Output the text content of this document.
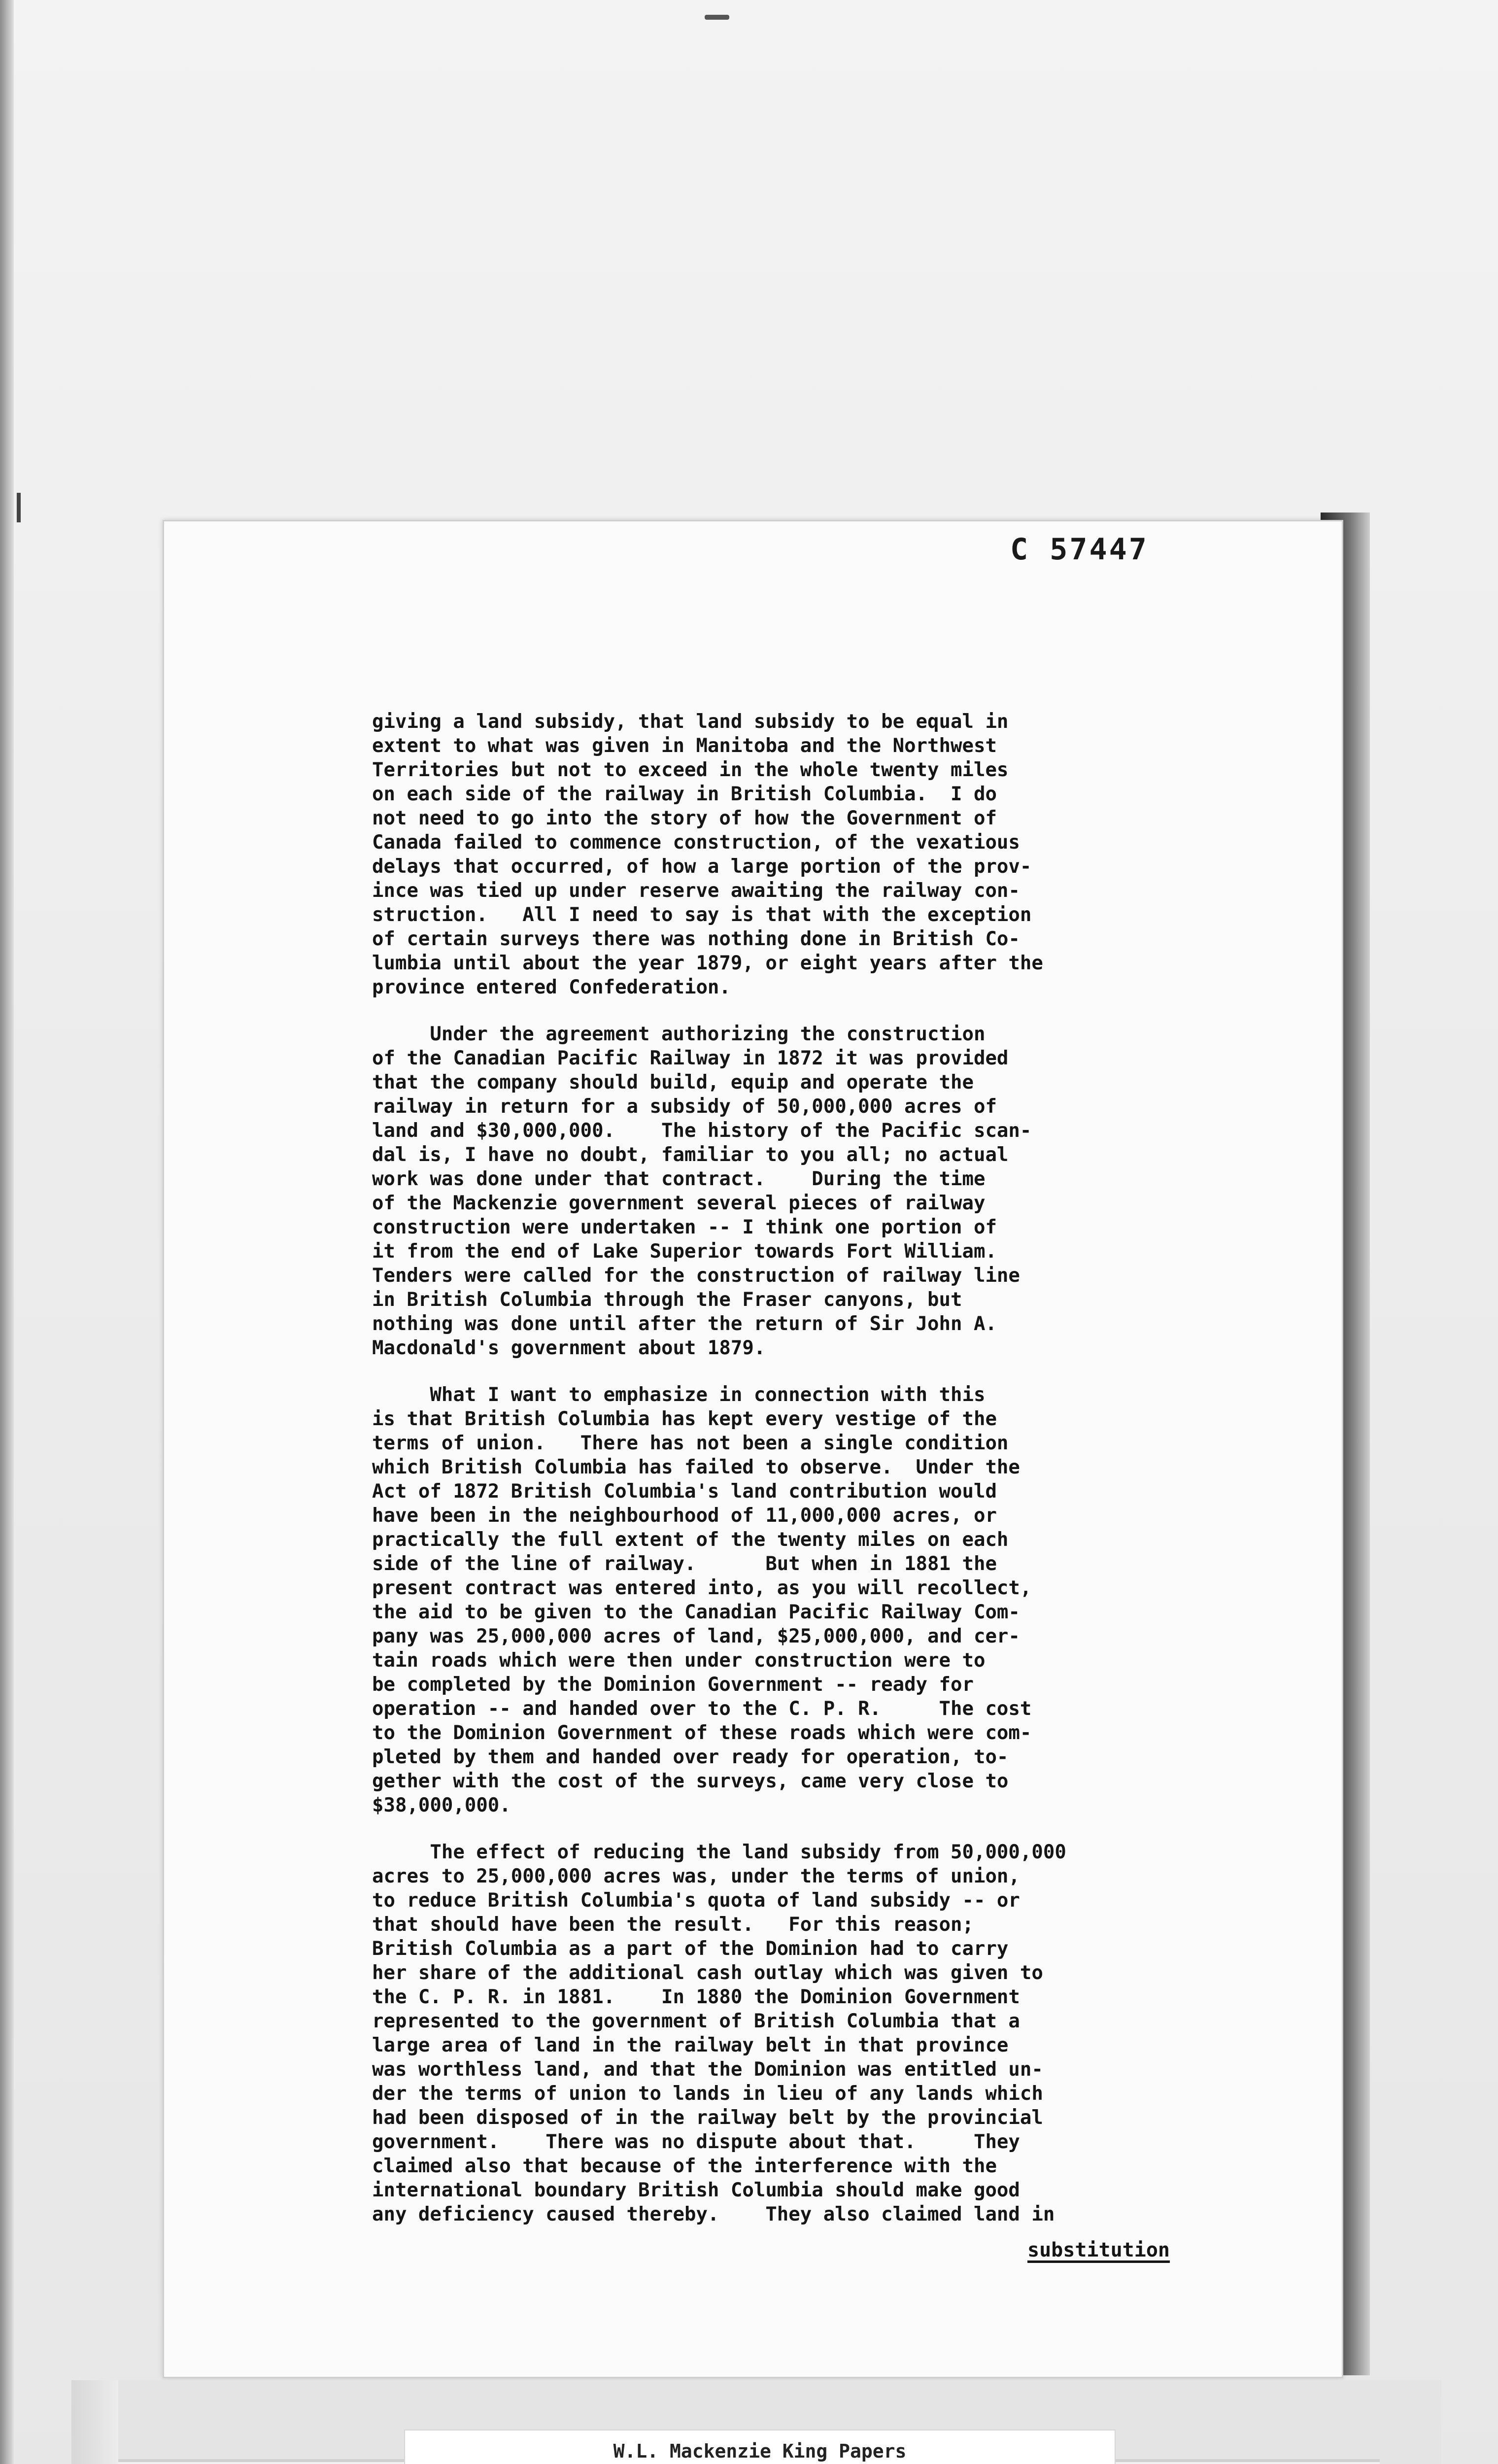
C 57447
giving a land subsidy, that land subsidy to be equal in
extent to what was given in Manitoba and the Northwest
Territories but not to exceed in the whole twenty miles
on each side of the railway in British Columbia.  I do
not need to go into the story of how the Government of
Canada failed to commence construction, of the vexatious
delays that occurred, of how a large portion of the prov-
ince was tied up under reserve awaiting the railway con-
struction.   All I need to say is that with the exception
of certain surveys there was nothing done in British Co-
lumbia until about the year 1879, or eight years after the
province entered Confederation.
Under the agreement authorizing the construction
of the Canadian Pacific Railway in 1872 it was provided
that the company should build, equip and operate the
railway in return for a subsidy of 50,000,000 acres of
land and $30,000,000.    The history of the Pacific scan-
dal is, I have no doubt, familiar to you all; no actual
work was done under that contract.    During the time
of the Mackenzie government several pieces of railway
construction were undertaken -- I think one portion of
it from the end of Lake Superior towards Fort William.
Tenders were called for the construction of railway line
in British Columbia through the Fraser canyons, but
nothing was done until after the return of Sir John A.
Macdonald's government about 1879.
What I want to emphasize in connection with this
is that British Columbia has kept every vestige of the
terms of union.   There has not been a single condition
which British Columbia has failed to observe.  Under the
Act of 1872 British Columbia's land contribution would
have been in the neighbourhood of 11,000,000 acres, or
practically the full extent of the twenty miles on each
side of the line of railway.      But when in 1881 the
present contract was entered into, as you will recollect,
the aid to be given to the Canadian Pacific Railway Com-
pany was 25,000,000 acres of land, $25,000,000, and cer-
tain roads which were then under construction were to
be completed by the Dominion Government -- ready for
operation -- and handed over to the C. P. R.     The cost
to the Dominion Government of these roads which were com-
pleted by them and handed over ready for operation, to-
gether with the cost of the surveys, came very close to
$38,000,000.
The effect of reducing the land subsidy from 50,000,000
acres to 25,000,000 acres was, under the terms of union,
to reduce British Columbia's quota of land subsidy -- or
that should have been the result.   For this reason;
British Columbia as a part of the Dominion had to carry
her share of the additional cash outlay which was given to
the C. P. R. in 1881.    In 1880 the Dominion Government
represented to the government of British Columbia that a
large area of land in the railway belt in that province
was worthless land, and that the Dominion was entitled un-
der the terms of union to lands in lieu of any lands which
had been disposed of in the railway belt by the provincial
government.    There was no dispute about that.     They
claimed also that because of the interference with the
international boundary British Columbia should make good
any deficiency caused thereby.    They also claimed land in
substitution
W.L. Mackenzie King Papers
